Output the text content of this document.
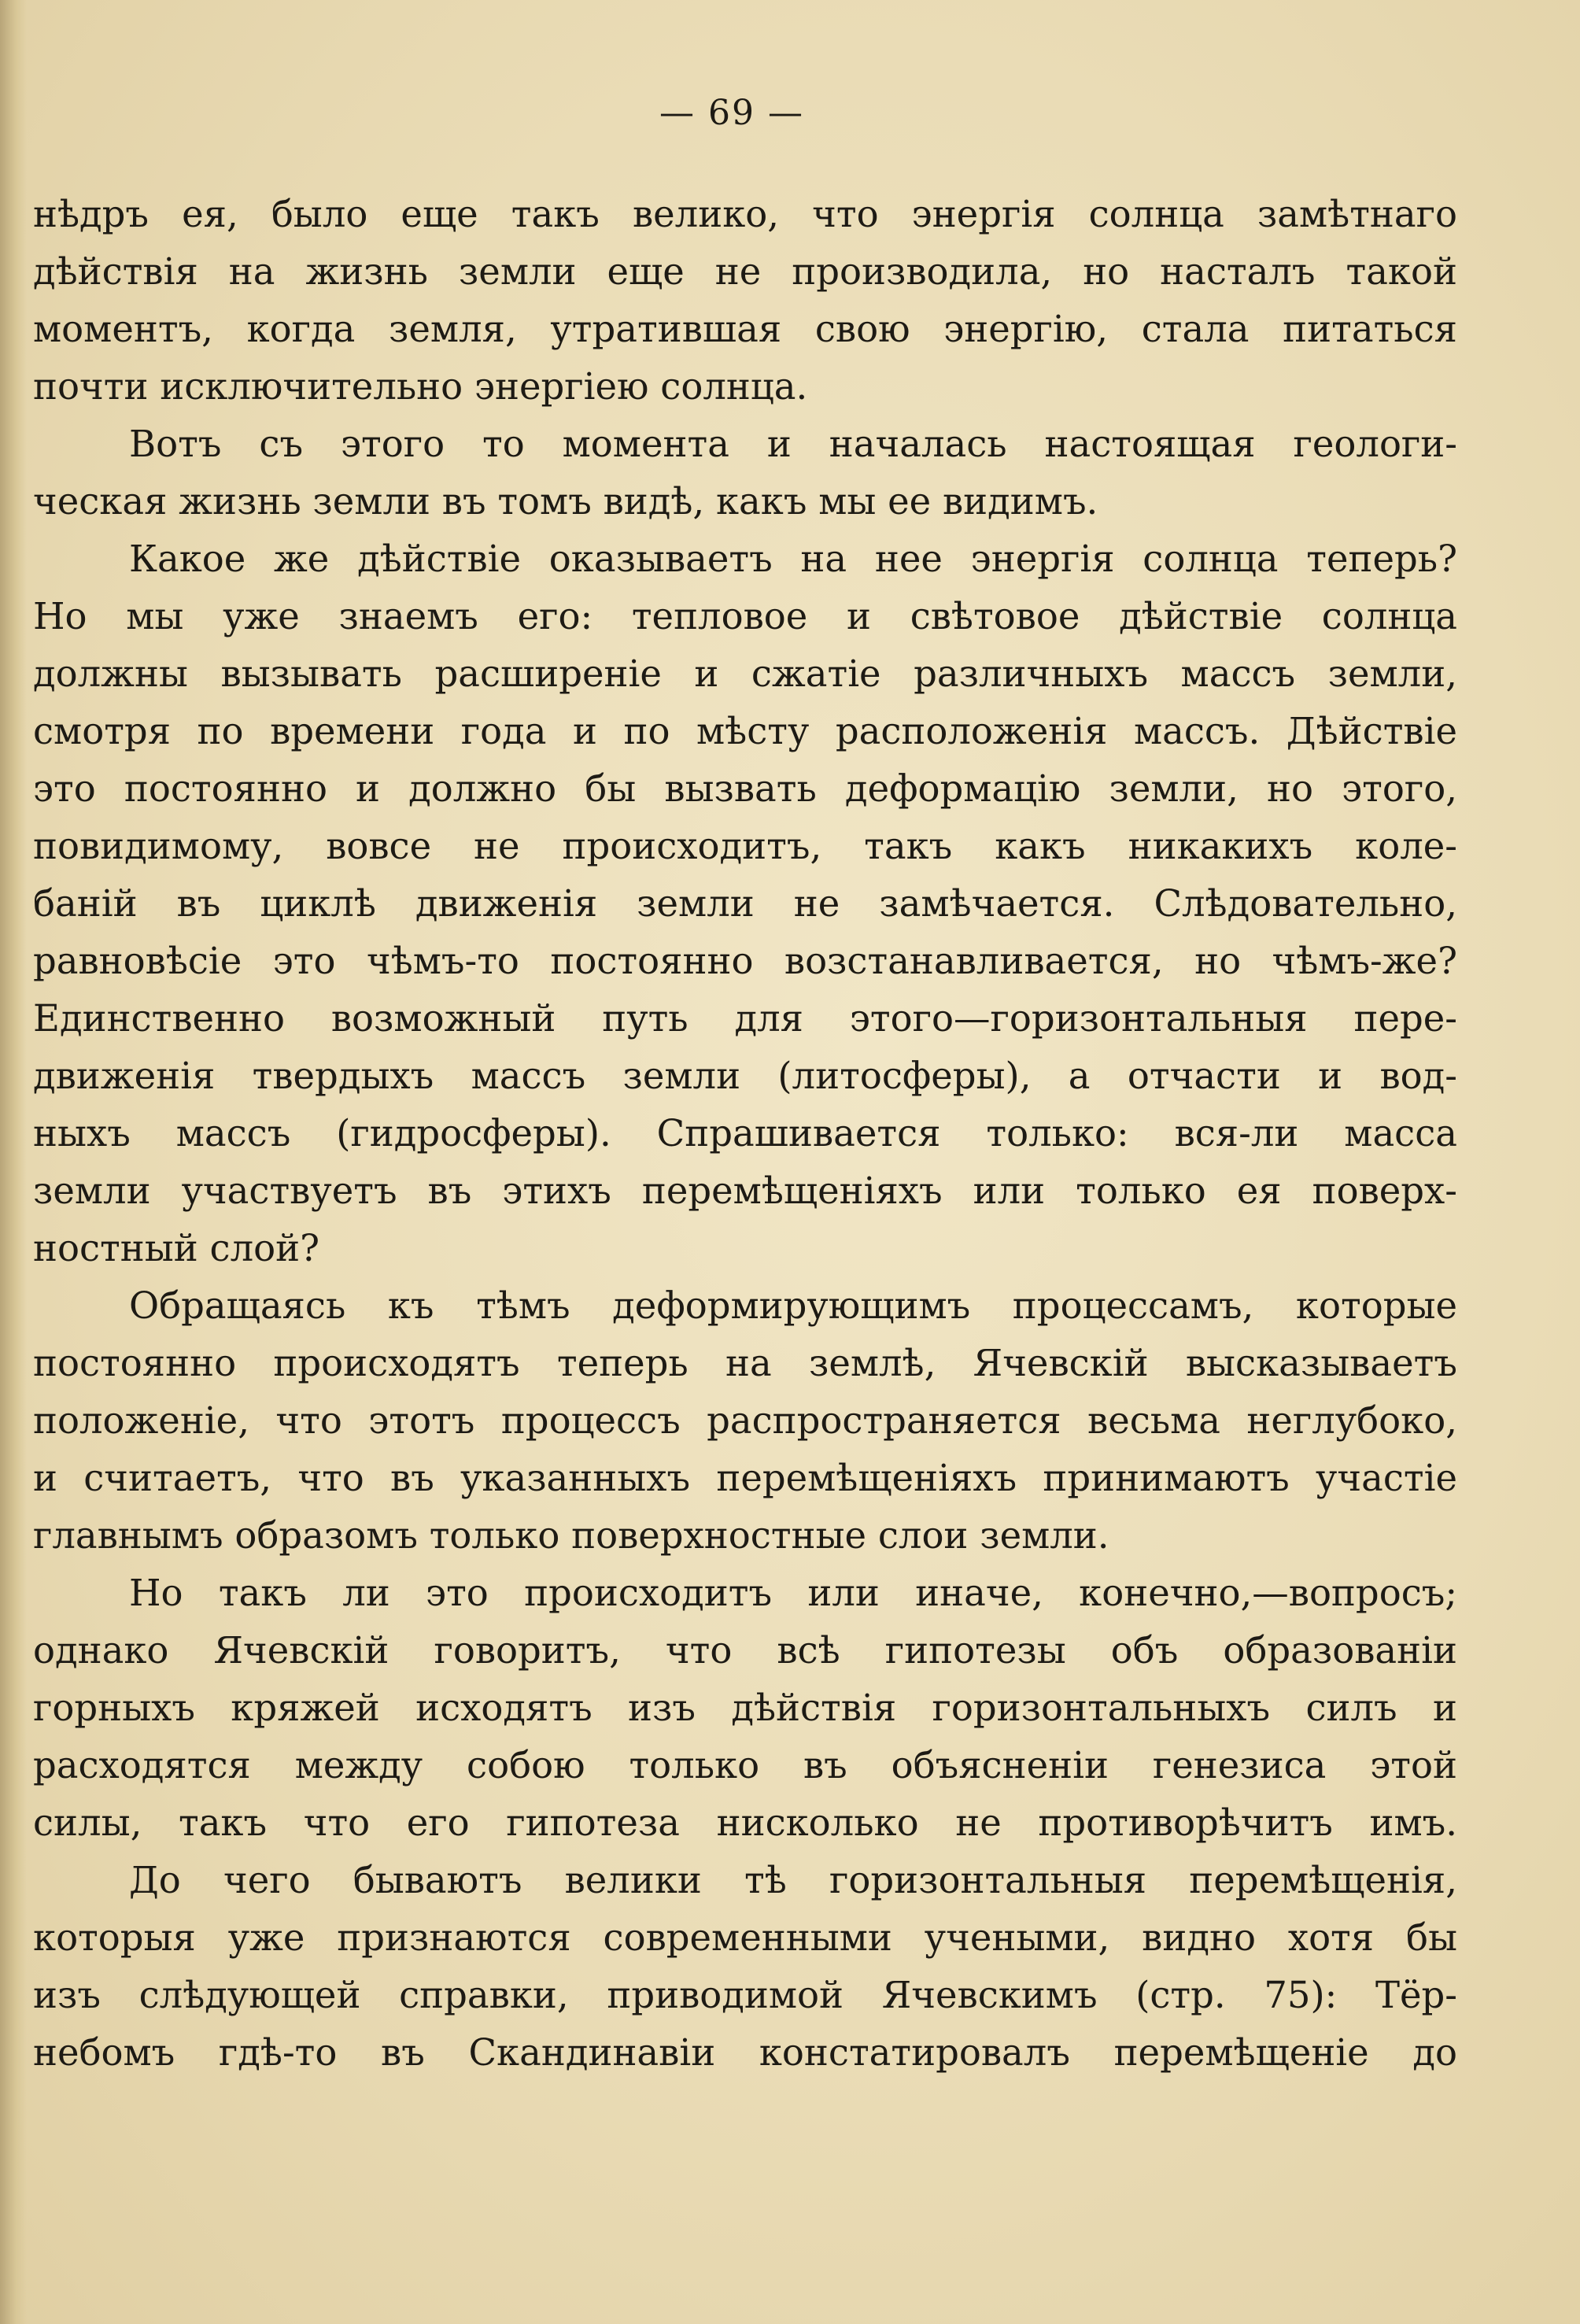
— 69 —
нѣдръ ея, было еще такъ велико, что энергія солнца замѣтнаго
дѣйствія на жизнь земли еще не производила, но насталъ такой
моментъ, когда земля, утратившая свою энергію, стала питаться
почти исключительно энергіею солнца.
Вотъ съ этого то момента и началась настоящая геологи-
ческая жизнь земли въ томъ видѣ, какъ мы ее видимъ.
Какое же дѣйствіе оказываетъ на нее энергія солнца теперь?
Но мы уже знаемъ его: тепловое и свѣтовое дѣйствіе солнца
должны вызывать расширеніе и сжатіе различныхъ массъ земли,
смотря по времени года и по мѣсту расположенія массъ. Дѣйствіе
это постоянно и должно бы вызвать деформацію земли, но этого,
повидимому, вовсе не происходитъ, такъ какъ никакихъ коле-
баній въ циклѣ движенія земли не замѣчается. Слѣдовательно,
равновѣсіе это чѣмъ-то постоянно возстанавливается, но чѣмъ-же?
Единственно возможный путь для этого—горизонтальныя пере-
движенія твердыхъ массъ земли (литосферы), а отчасти и вод-
ныхъ массъ (гидросферы). Спрашивается только: вся-ли масса
земли участвуетъ въ этихъ перемѣщеніяхъ или только ея поверх-
ностный слой?
Обращаясь къ тѣмъ деформирующимъ процессамъ, которые
постоянно происходятъ теперь на землѣ, Ячевскій высказываетъ
положеніе, что этотъ процессъ распространяется весьма неглубоко,
и считаетъ, что въ указанныхъ перемѣщеніяхъ принимаютъ участіе
главнымъ образомъ только поверхностные слои земли.
Но такъ ли это происходитъ или иначе, конечно,—вопросъ;
однако Ячевскій говоритъ, что всѣ гипотезы объ образованіи
горныхъ кряжей исходятъ изъ дѣйствія горизонтальныхъ силъ и
расходятся между собою только въ объясненіи генезиса этой
силы, такъ что его гипотеза нисколько не противорѣчитъ имъ.
До чего бываютъ велики тѣ горизонтальныя перемѣщенія,
которыя уже признаются современными учеными, видно хотя бы
изъ слѣдующей справки, приводимой Ячевскимъ (стр. 75): Тёр-
небомъ гдѣ-то въ Скандинавіи констатировалъ перемѣщеніе до
